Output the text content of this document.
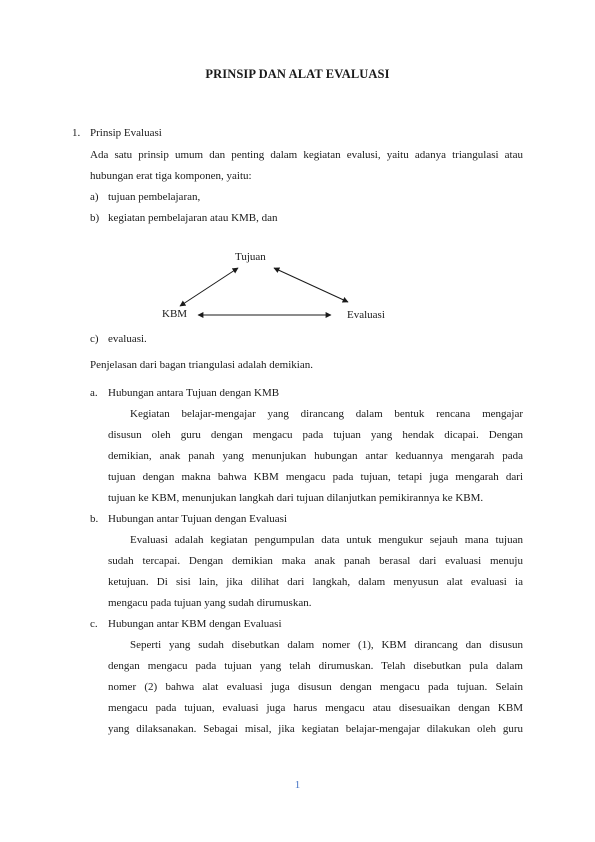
PRINSIP DAN ALAT EVALUASI
1. Prinsip Evaluasi
Ada satu prinsip umum dan penting dalam kegiatan evalusi, yaitu adanya triangulasi atau
hubungan erat tiga komponen, yaitu:
a) tujuan pembelajaran,
b) kegiatan pembelajaran atau KMB, dan
Tujuan
KBM	Evaluasi
c) evaluasi.
Penjelasan dari bagan triangulasi adalah demikian.
a. Hubungan antara Tujuan dengan KMB
Kegiatan belajar-mengajar yang dirancang dalam bentuk rencana mengajar
disusun oleh guru dengan mengacu pada tujuan yang hendak dicapai. Dengan
demikian, anak panah yang menunjukan hubungan antar keduannya mengarah pada
tujuan dengan makna bahwa KBM mengacu pada tujuan, tetapi juga mengarah dari
tujuan ke KBM, menunjukan langkah dari tujuan dilanjutkan pemikirannya ke KBM.
b. Hubungan antar Tujuan dengan Evaluasi
Evaluasi adalah kegiatan pengumpulan data untuk mengukur sejauh mana tujuan
sudah tercapai. Dengan demikian maka anak panah berasal dari evaluasi menuju
ketujuan. Di sisi lain, jika dilihat dari langkah, dalam menyusun alat evaluasi ia
mengacu pada tujuan yang sudah dirumuskan.
c. Hubungan antar KBM dengan Evaluasi
Seperti yang sudah disebutkan dalam nomer (1), KBM dirancang dan disusun
dengan mengacu pada tujuan yang telah dirumuskan. Telah disebutkan pula dalam
nomer (2) bahwa alat evaluasi juga disusun dengan mengacu pada tujuan. Selain
mengacu pada tujuan, evaluasi juga harus mengacu atau disesuaikan dengan KBM
yang dilaksanakan. Sebagai misal, jika kegiatan belajar-mengajar dilakukan oleh guru
1
